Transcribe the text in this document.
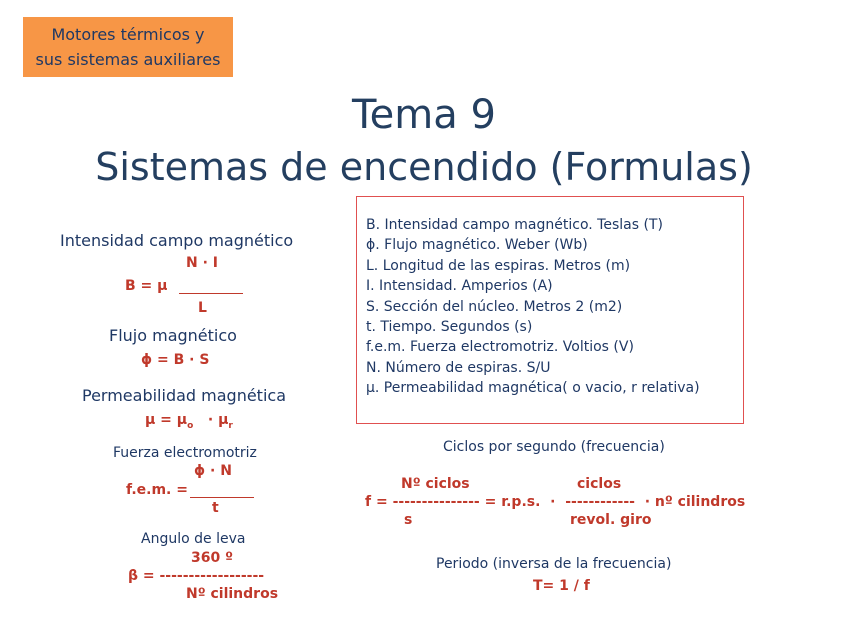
Motores térmicos y
sus sistemas auxiliares
Tema 9
Sistemas de encendido (Formulas)
Intensidad campo magnético
N · I
B = µ
L
Flujo magnético
ϕ = B · S
Permeabilidad magnética
µ = µ$_o$ · µ$_r$
Fuerza electromotriz
ϕ · N
f.e.m. =
t
Angulo de leva
360 º
β = ------------------
Nº cilindros
B. Intensidad campo magnético. Teslas (T)
ϕ. Flujo magnético. Weber (Wb)
L. Longitud de las espiras. Metros (m)
I. Intensidad. Amperios (A)
S. Sección del núcleo. Metros 2 (m2)
t. Tiempo. Segundos (s)
f.e.m. Fuerza electromotriz. Voltios (V)
N. Número de espiras. S/U
µ. Permeabilidad magnética( o vacio, r relativa)
Ciclos por segundo (frecuencia)
Nº ciclos	ciclos
f = --------------- = r.p.s.  ·  ------------  · nº cilindros
s	revol. giro
Periodo (inversa de la frecuencia)
T= 1 / f
